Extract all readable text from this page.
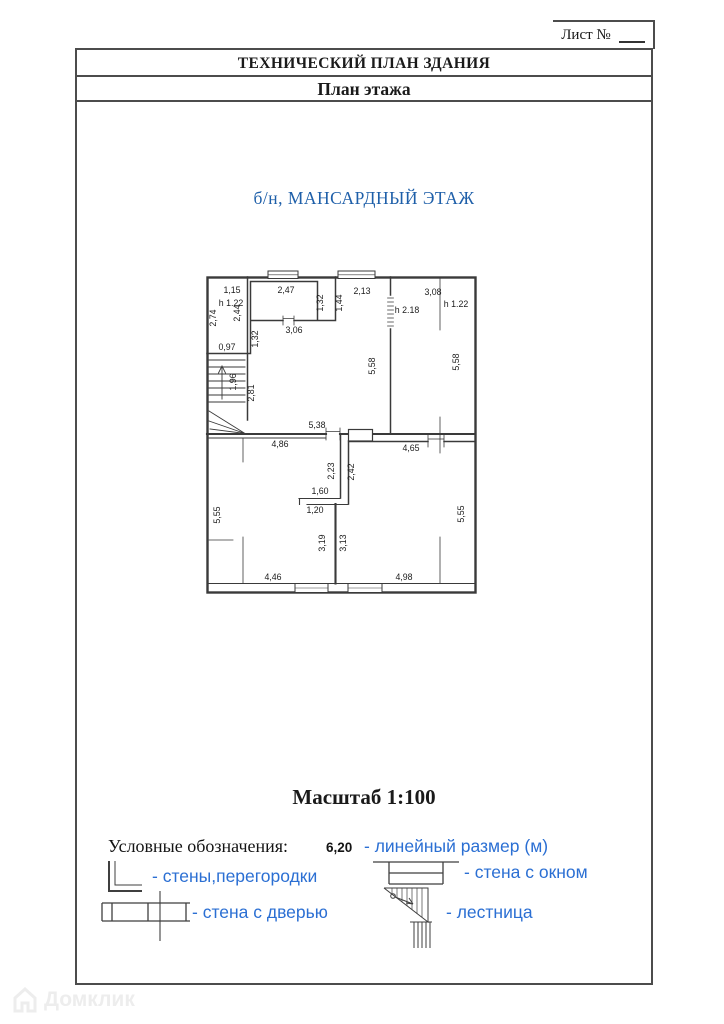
Лист №
ТЕХНИЧЕСКИЙ ПЛАН ЗДАНИЯ
План этажа
б/н, МАНСАРДНЫЙ ЭТАЖ
1,15
h 1.22
2,47	2,13	3,08
h 2.18
h 1.22
3,06
0,97
5,38
4,86	4,65
1,60
1,20
4,46	4,98
2,74 2,44
1,32 1,44
1,32
1,96
2,81
5,58	5,58
2,23 2,42
5,55	5,55
3,19 3,13
Масштаб 1:100
Условные обозначения:	6,20 - линейный размер (м)
- стены,перегородки	- стена с окном
- стена с дверью	- лестница
Домклик
